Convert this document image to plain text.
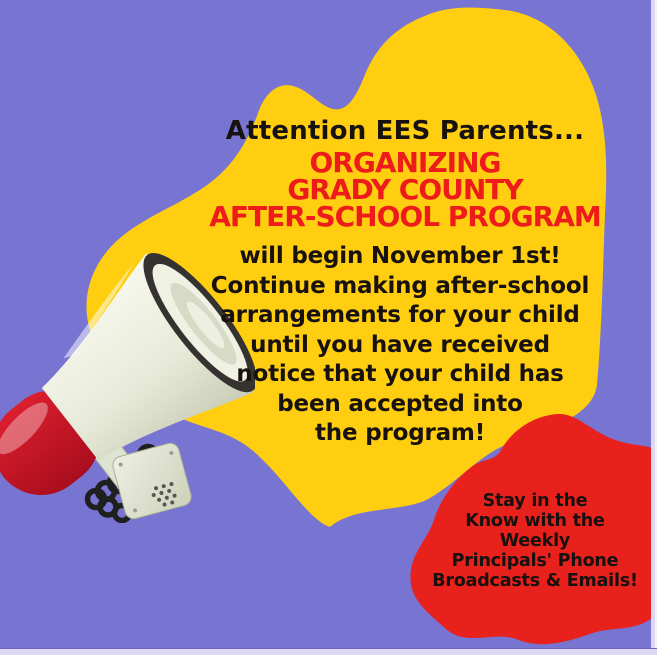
Attention EES Parents...
ORGANIZING
GRADY COUNTY
AFTER-SCHOOL PROGRAM
will begin November 1st!
Continue making after-school
arrangements for your child
until you have received
notice that your child has
been accepted into
the program!
Stay in the
Know with the
Weekly
Principals' Phone
Broadcasts & Emails!
